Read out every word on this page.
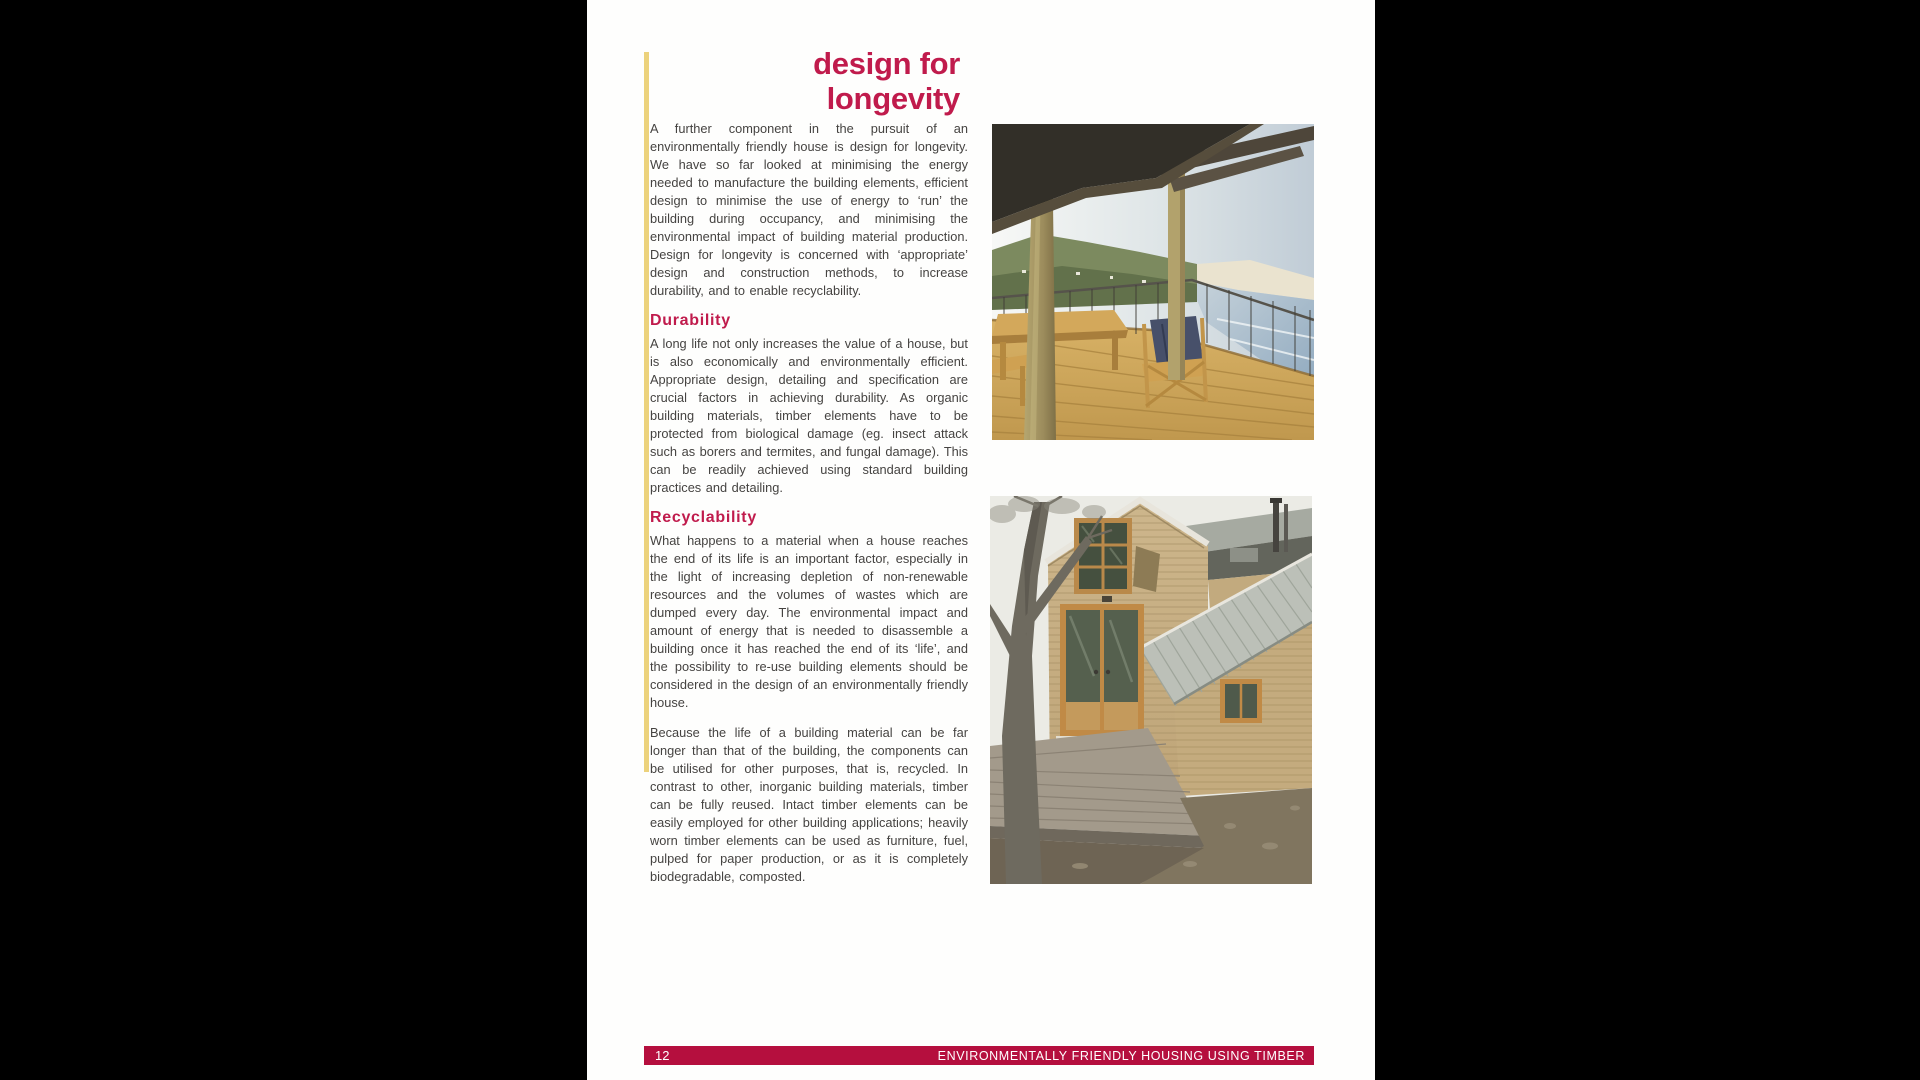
design for
longevity

A further component in the pursuit of an environmentally friendly house is design for longevity. We have so far looked at minimising the energy needed to manufacture the building elements, efficient design to minimise the use of energy to ‘run’ the building during occupancy, and minimising the environmental impact of building material production. Design for longevity is concerned with ‘appropriate’ design and construction methods, to increase durability, and to enable recyclability.

Durability

A long life not only increases the value of a house, but is also economically and environmentally efficient. Appropriate design, detailing and specification are crucial factors in achieving durability. As organic building materials, timber elements have to be protected from biological damage (eg. insect attack such as borers and termites, and fungal damage). This can be readily achieved using standard building practices and detailing.

Recyclability

What happens to a material when a house reaches the end of its life is an important factor, especially in the light of increasing depletion of non-renewable resources and the volumes of wastes which are dumped every day. The environmental impact and amount of energy that is needed to disassemble a building once it has reached the end of its ‘life’, and the possibility to re-use building elements should be considered in the design of an environmentally friendly house.

Because the life of a building material can be far longer than that of the building, the components can be utilised for other purposes, that is, recycled. In contrast to other, inorganic building materials, timber can be fully reused. Intact timber elements can be easily employed for other building applications; heavily worn timber elements can be used as furniture, fuel, pulped for paper production, or as it is completely biodegradable, composted.

12	ENVIRONMENTALLY FRIENDLY HOUSING USING TIMBER
